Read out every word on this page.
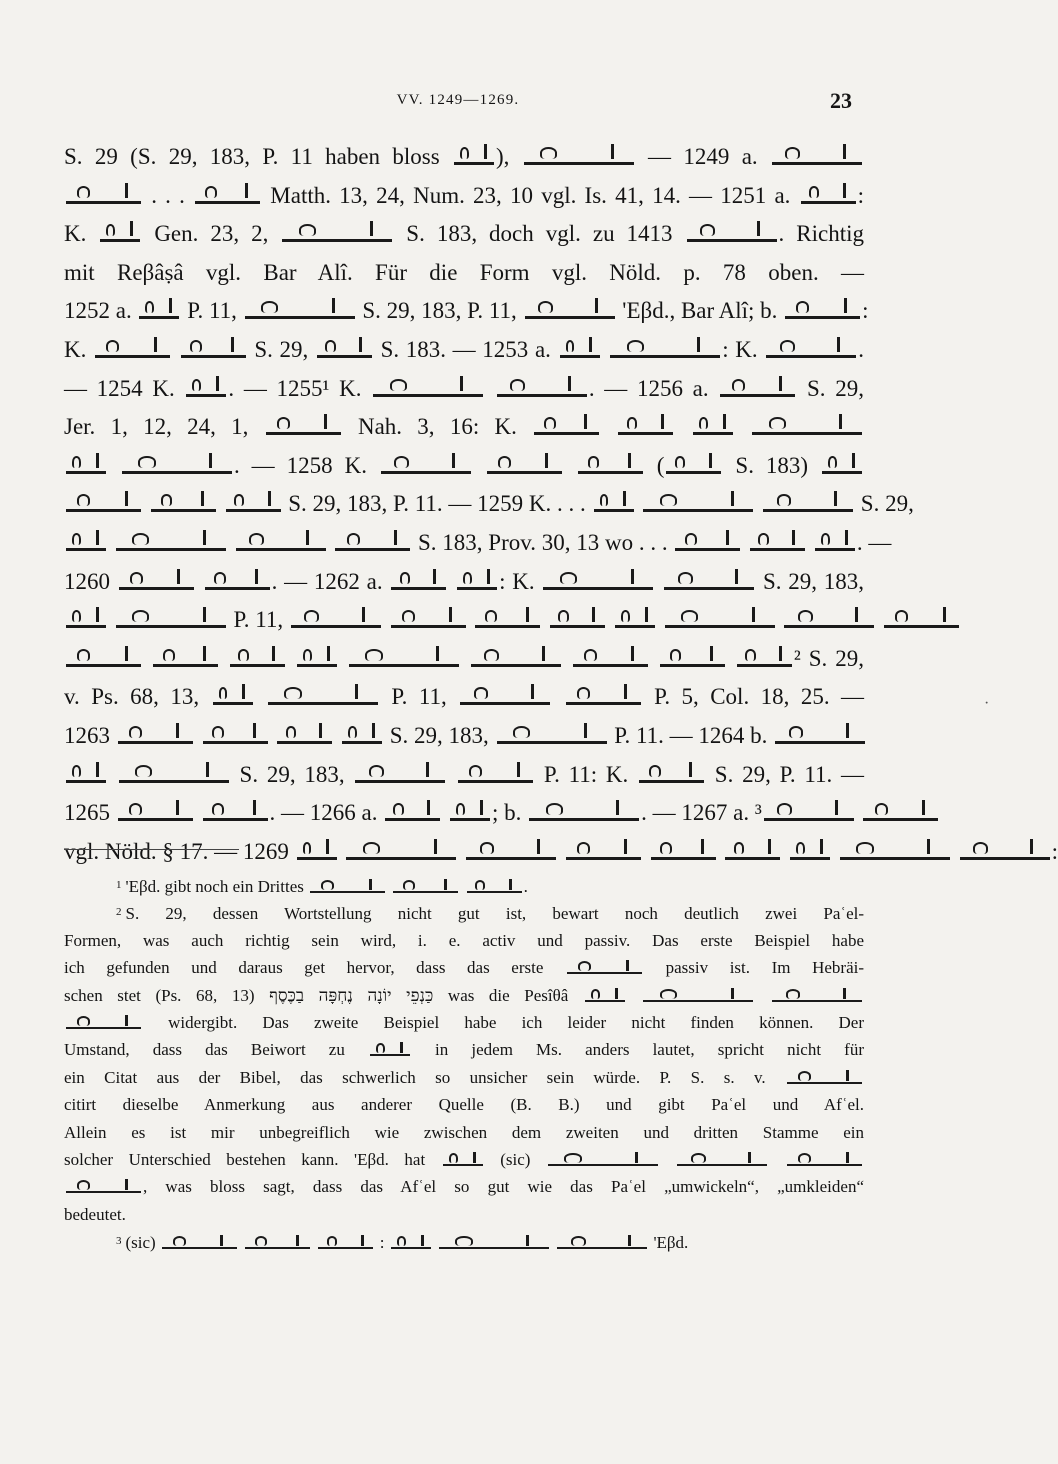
VV. 1249—1269.	23
S. 29 (S. 29, 183, P. 11 haben bloss ),	— 1249 a.
. . .	Matth. 13, 24, Num. 23, 10 vgl. Is. 41, 14. — 1251 a.	:
K.  Gen. 23, 2,	S. 183, doch vgl. zu 1413	. Richtig
mit Reβâṣâ vgl. Bar Alî. Für die Form vgl. Nöld. p. 78 oben. —
1252 a.  P. 11,	S. 29, 183, P. 11,	'Eβd., Bar Alî; b.	:
K.	S. 29,	S. 183. — 1253 a.	: K.	.
— 1254 K. . — 1255¹ K.	. — 1256 a.	S. 29,
Jer. 1, 12, 24, 1,	Nah. 3, 16: K.
. — 1258 K.	(	S. 183)
S. 29, 183, P. 11. — 1259 K. . . .	S. 29,
S. 183, Prov. 30, 13 wo . . .	. —
1260	. — 1262 a.	: K.	S. 29, 183,
P. 11,
² S. 29,
v. Ps. 68, 13,	P. 11,	P. 5, Col. 18, 25. —
1263	S. 29, 183,	P. 11. — 1264 b.
S. 29, 183,	P. 11: K.	S. 29, P. 11. —
1265	. — 1266 a.	; b.	. — 1267 a. ³
vgl. Nöld. § 17. — 1269	:
$^1$ 'Eβd. gibt noch ein Drittes	.
$^2$ S. 29, dessen Wortstellung nicht gut ist, bewart noch deutlich zwei Paʿel-
Formen, was auch richtig sein wird, i. e. activ und passiv. Das erste Beispiel habe
ich gefunden und daraus get hervor, dass das erste	passiv ist. Im Hebräi-
schen stet (Ps. 68, 13) כַּנְפֵי יוֹנָה נֶחְפָּה בַכֶּסֶף was die Pesîθâ
widergibt. Das zweite Beispiel habe ich leider nicht finden können. Der
Umstand, dass das Beiwort zu	in jedem Ms. anders lautet, spricht nicht für
ein Citat aus der Bibel, das schwerlich so unsicher sein würde. P. S. s. v.
citirt dieselbe Anmerkung aus anderer Quelle (B. B.) und gibt Paʿel und Afʿel.
Allein es ist mir unbegreiflich wie zwischen dem zweiten und dritten Stamme ein
solcher Unterschied bestehen kann. 'Eβd. hat	(sic)
, was bloss sagt, dass das Afʿel so gut wie das Paʿel „umwickeln“, „umkleiden“
bedeutet.
$^3$ (sic)	:	'Eβd.
·
